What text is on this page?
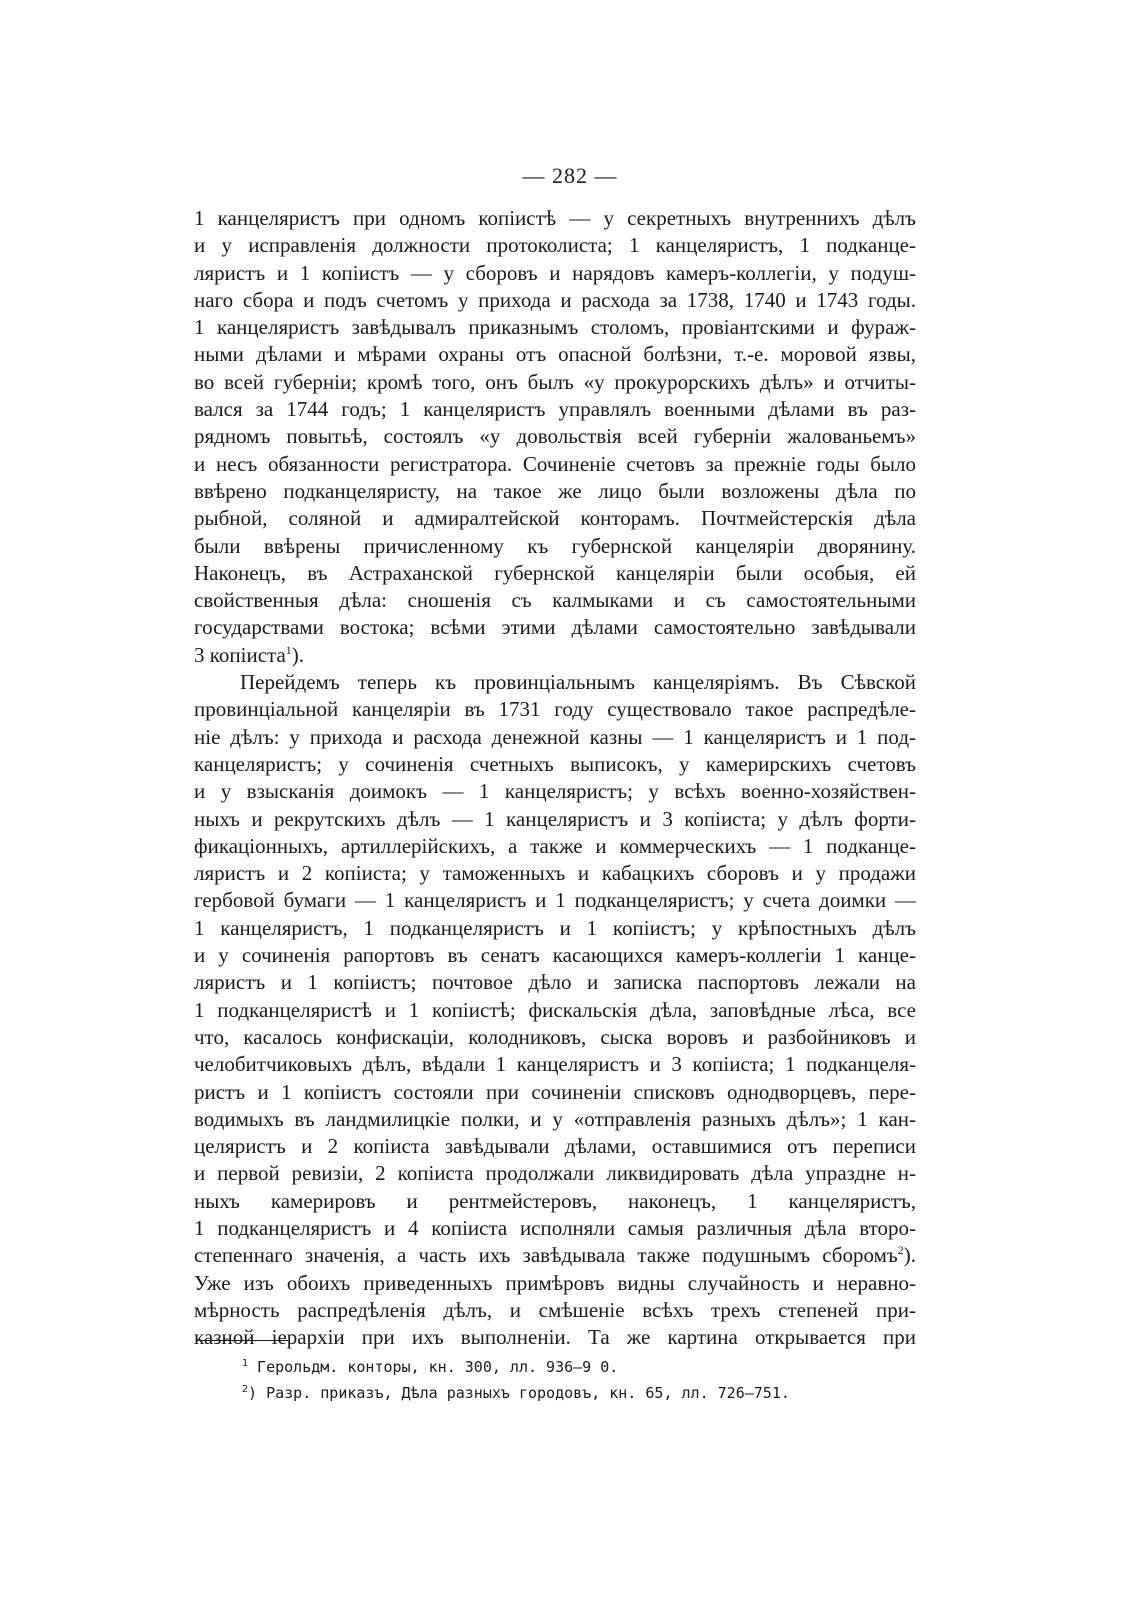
— 282 —
1 канцеляристъ при одномъ копiистѣ — у секретныхъ внутреннихъ дѣлъ
и у исправленiя должности протоколиста; 1 канцеляристъ, 1 подканце-
ляристъ и 1 копiистъ — у сборовъ и нарядовъ камеръ-коллегiи, у подуш-
наго сбора и подъ счетомъ у прихода и расхода за 1738, 1740 и 1743 годы.
1 канцеляристъ завѣдывалъ приказнымъ столомъ, провiантскими и фураж-
ными дѣлами и мѣрами охраны отъ опасной болѣзни, т.-е. моровой язвы,
во всей губернiи; кромѣ того, онъ былъ «у прокурорскихъ дѣлъ» и отчиты-
вался за 1744 годъ; 1 канцеляристъ управлялъ военными дѣлами въ раз-
рядномъ повытьѣ, состоялъ «у довольствiя всей губернiи жалованьемъ»
и несъ обязанности регистратора. Сочиненiе счетовъ за прежнiе годы было
ввѣрено подканцеляристу, на такое же лицо были возложены дѣла по
рыбной, соляной и адмиралтейской конторамъ. Почтмейстерскiя дѣла
были ввѣрены причисленному къ губернской канцелярiи дворянину.
Наконецъ, въ Астраханской губернской канцелярiи были особыя, ей
свойственныя дѣла: сношенiя съ калмыками и съ самостоятельными
государствами востока; всѣми этими дѣлами самостоятельно завѣдывали
3 копiиста$^1$).
Перейдемъ теперь къ провинцiальнымъ канцелярiямъ. Въ Сѣвской
провинцiальной канцелярiи въ 1731 году существовало такое распредѣле-
нiе дѣлъ: у прихода и расхода денежной казны — 1 канцеляристъ и 1 под-
канцеляристъ; у сочиненiя счетныхъ выписокъ, у камерирскихъ счетовъ
и у взысканiя доимокъ — 1 канцеляристъ; у всѣхъ военно-хозяйствен-
ныхъ и рекрутскихъ дѣлъ — 1 канцеляристъ и 3 копiиста; у дѣлъ форти-
фикацiонныхъ, артиллерiйскихъ, а также и коммерческихъ — 1 подканце-
ляристъ и 2 копiиста; у таможенныхъ и кабацкихъ сборовъ и у продажи
гербовой бумаги — 1 канцеляристъ и 1 подканцеляристъ; у счета доимки —
1 канцеляристъ, 1 подканцеляристъ и 1 копiистъ; у крѣпостныхъ дѣлъ
и у сочиненiя рапортовъ въ сенатъ касающихся камеръ-коллегiи 1 канце-
ляристъ и 1 копiистъ; почтовое дѣло и записка паспортовъ лежали на
1 подканцеляристѣ и 1 копiистѣ; фискальскiя дѣла, заповѣдные лѣса, все
что, касалось конфискацiи, колодниковъ, сыска воровъ и разбойниковъ и
челобитчиковыхъ дѣлъ, вѣдали 1 канцеляристъ и 3 копiиста; 1 подканцеля-
ристъ и 1 копiистъ состояли при сочиненiи списковъ однодворцевъ, пере-
водимыхъ въ ландмилицкiе полки, и у «отправленiя разныхъ дѣлъ»; 1 кан-
целяристъ и 2 копiиста завѣдывали дѣлами, оставшимися отъ переписи
и первой ревизiи, 2 копiиста продолжали ликвидировать дѣла упраздне н-
ныхъ камерировъ и рентмейстеровъ, наконецъ, 1 канцеляристъ,
1 подканцеляристъ и 4 копiиста исполняли самыя различныя дѣла второ-
степеннаго значенiя, а часть ихъ завѣдывала также подушнымъ сборомъ$^2$).
Уже изъ обоихъ приведенныхъ примѣровъ видны случайность и неравно-
мѣрность распредѣленiя дѣлъ, и смѣшенiе всѣхъ трехъ степеней при-
казной iерархiи при ихъ выполненiи. Та же картина открывается при
$^1$ Герольдм. конторы, кн. 300, лл. 936—9 0.
$^2$) Разр. приказъ, Дѣла разныхъ городовъ, кн. 65, лл. 726—751.
